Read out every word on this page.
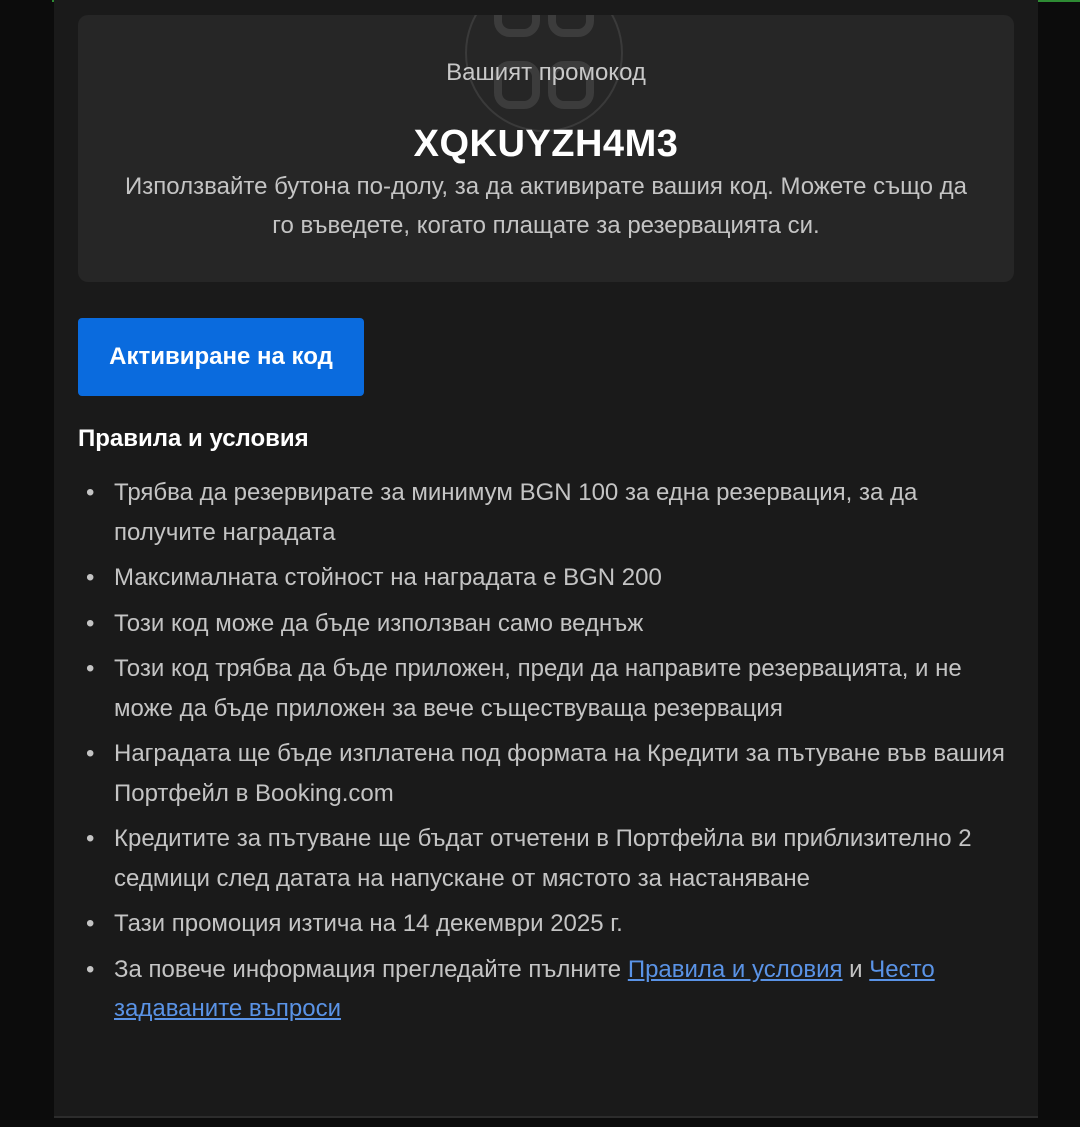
Вашият промокод
XQKUYZH4M3
Използвайте бутона по-долу, за да активирате вашия код. Можете също да го въведете, когато плащате за резервацията си.
Активиране на код
Правила и условия
• Трябва да резервирате за минимум BGN 100 за една резервация, за да получите наградата
• Максималната стойност на наградата е BGN 200
• Този код може да бъде използван само веднъж
• Този код трябва да бъде приложен, преди да направите резервацията, и не може да бъде приложен за вече съществуваща резервация
• Наградата ще бъде изплатена под формата на Кредити за пътуване във вашия Портфейл в Booking.com
• Кредитите за пътуване ще бъдат отчетени в Портфейла ви приблизително 2 седмици след датата на напускане от мястото за настаняване
• Тази промоция изтича на 14 декември 2025 г.
• За повече информация прегледайте пълните Правила и условия и Често задаваните въпроси
